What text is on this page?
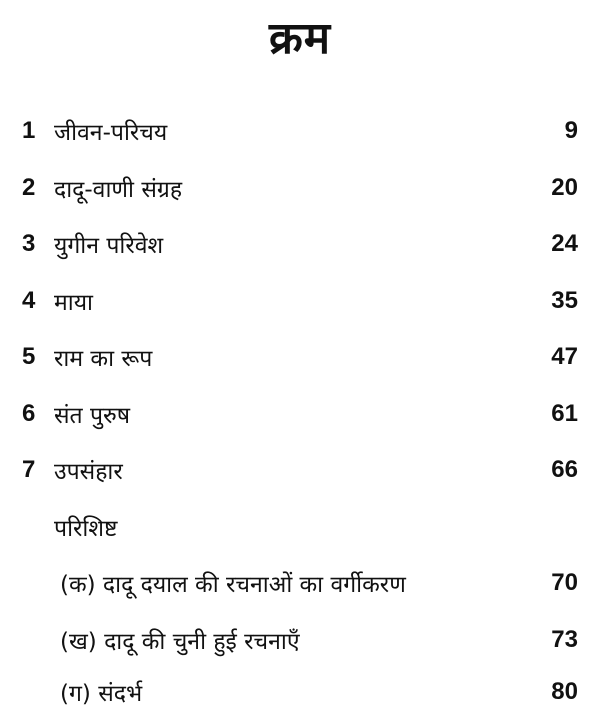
क्रम
1 जीवन-परिचय	9
2 दादू-वाणी संग्रह	20
3 युगीन परिवेश	24
4 माया	35
5 राम का रूप	47
6 संत पुरुष	61
7 उपसंहार	66
परिशिष्ट
(क) दादू दयाल की रचनाओं का वर्गीकरण	70
(ख) दादू की चुनी हुई रचनाएँ	73
(ग) संदर्भ	80
